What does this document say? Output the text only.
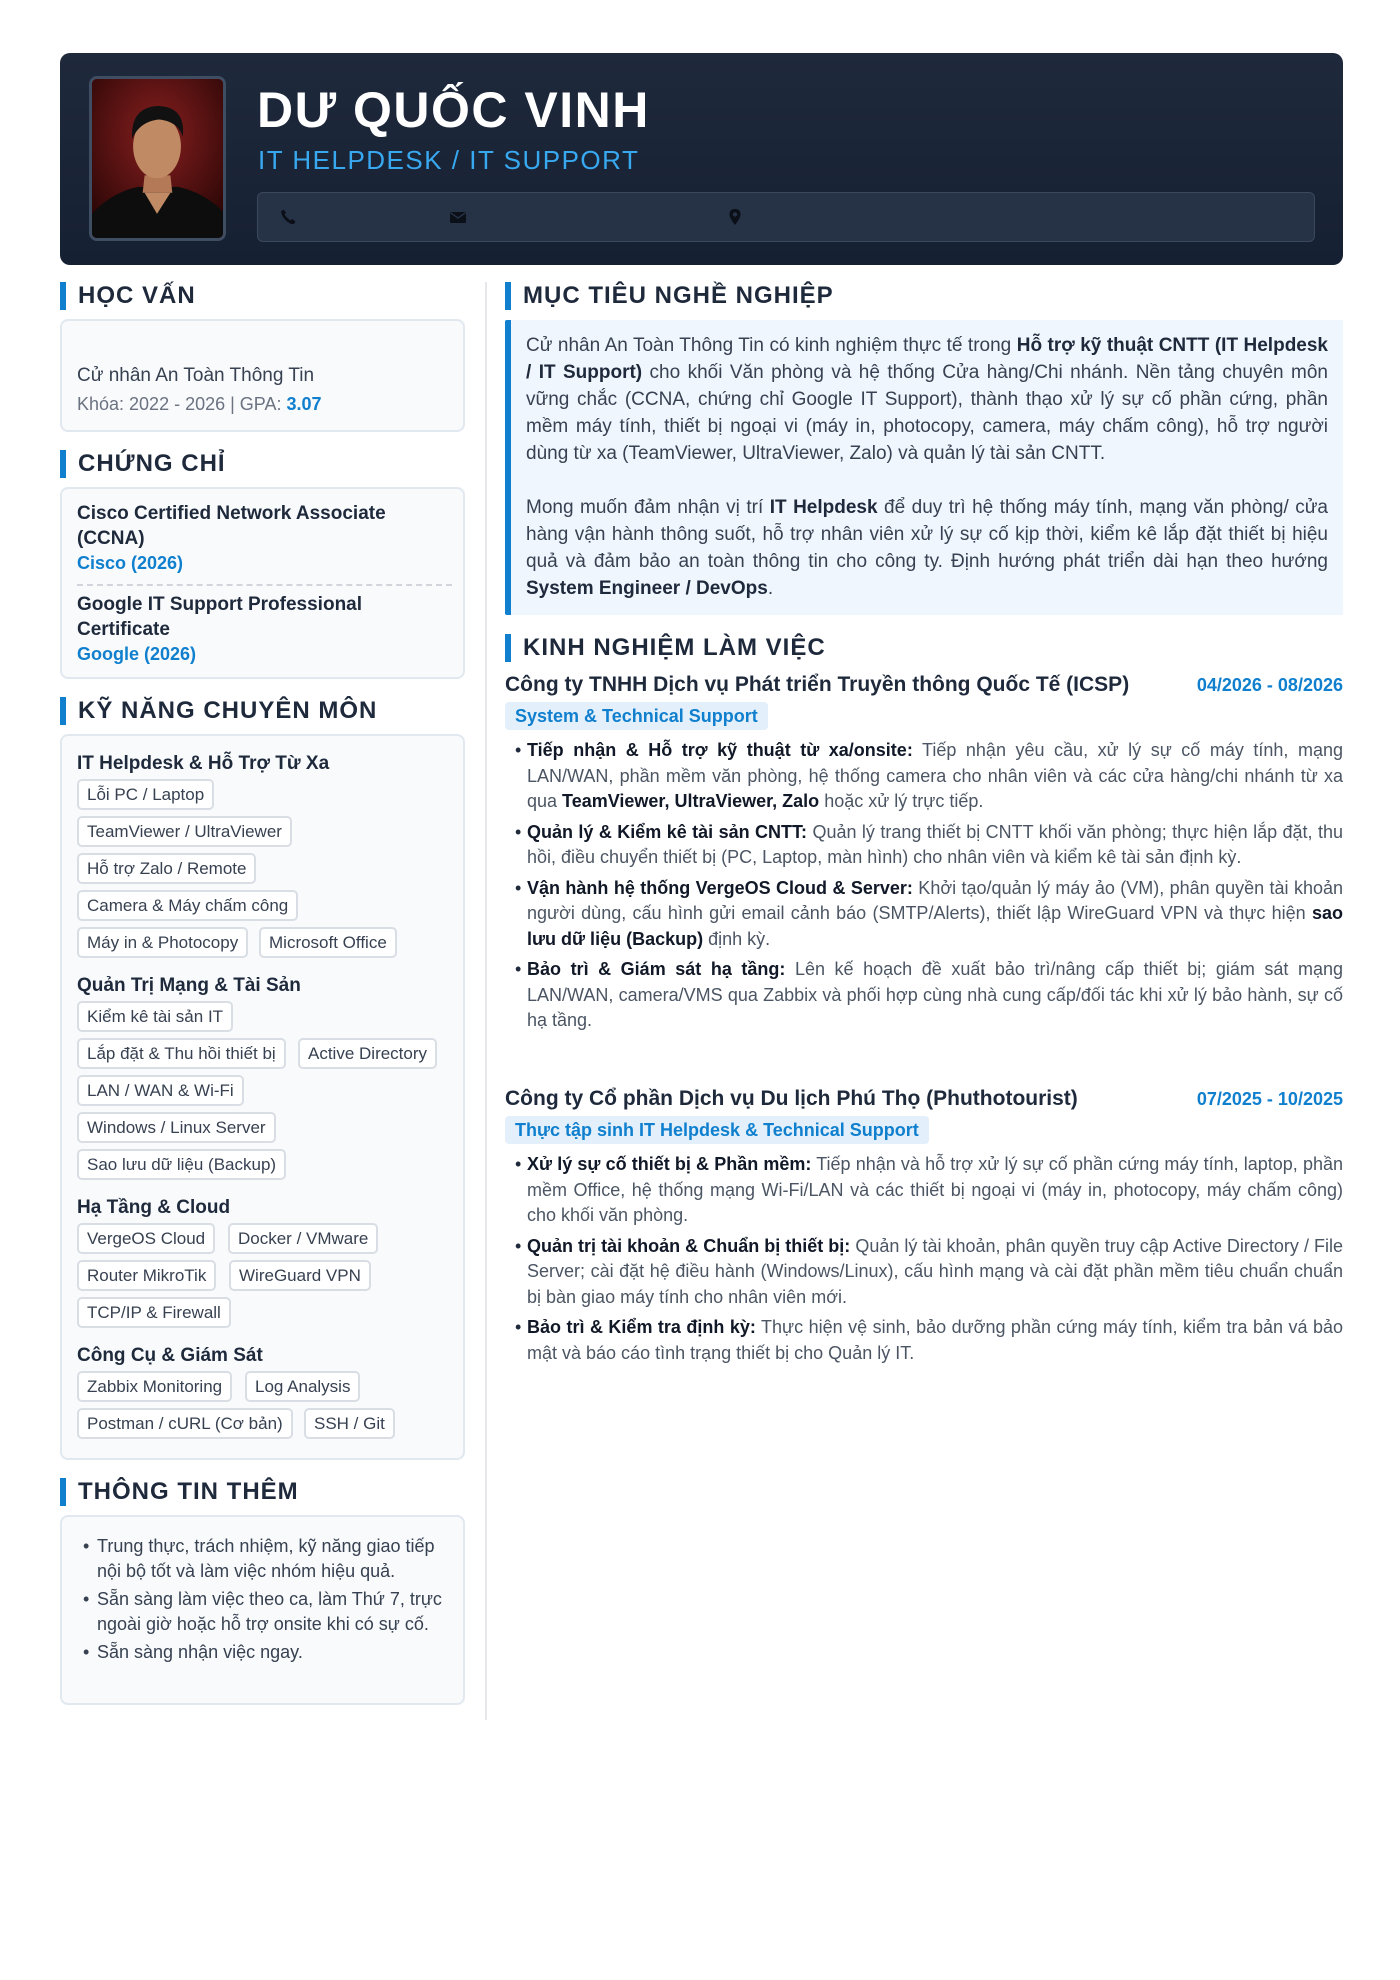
DƯ QUỐC VINH
IT HELPDESK / IT SUPPORT
HỌC VẤN
Cử nhân An Toàn Thông Tin
Khóa: 2022 - 2026 | GPA: 3.07
CHỨNG CHỈ
Cisco Certified Network Associate (CCNA)
Cisco (2026)
Google IT Support Professional Certificate
Google (2026)
KỸ NĂNG CHUYÊN MÔN
IT Helpdesk & Hỗ Trợ Từ Xa
Lỗi PC / Laptop
TeamViewer / UltraViewer
Hỗ trợ Zalo / Remote
Camera & Máy chấm công
Máy in & Photocopy	Microsoft Office
Quản Trị Mạng & Tài Sản
Kiểm kê tài sản IT
Lắp đặt & Thu hồi thiết bị	Active Directory
LAN / WAN & Wi-Fi
Windows / Linux Server
Sao lưu dữ liệu (Backup)
Hạ Tầng & Cloud
VergeOS Cloud	Docker / VMware
Router MikroTik	WireGuard VPN
TCP/IP & Firewall
Công Cụ & Giám Sát
Zabbix Monitoring	Log Analysis
Postman / cURL (Cơ bản)	SSH / Git
THÔNG TIN THÊM
• Trung thực, trách nhiệm, kỹ năng giao tiếp nội bộ tốt và làm việc nhóm hiệu quả.
• Sẵn sàng làm việc theo ca, làm Thứ 7, trực ngoài giờ hoặc hỗ trợ onsite khi có sự cố.
• Sẵn sàng nhận việc ngay.
MỤC TIÊU NGHỀ NGHIỆP

Cử nhân An Toàn Thông Tin có kinh nghiệm thực tế trong Hỗ trợ kỹ thuật CNTT (IT Helpdesk / IT Support) cho khối Văn phòng và hệ thống Cửa hàng/Chi nhánh. Nền tảng chuyên môn vững chắc (CCNA, chứng chỉ Google IT Support), thành thạo xử lý sự cố phần cứng, phần mềm máy tính, thiết bị ngoại vi (máy in, photocopy, camera, máy chấm công), hỗ trợ người dùng từ xa (TeamViewer, UltraViewer, Zalo) và quản lý tài sản CNTT.

Mong muốn đảm nhận vị trí IT Helpdesk để duy trì hệ thống máy tính, mạng văn phòng/ cửa hàng vận hành thông suốt, hỗ trợ nhân viên xử lý sự cố kịp thời, kiểm kê lắp đặt thiết bị hiệu quả và đảm bảo an toàn thông tin cho công ty. Định hướng phát triển dài hạn theo hướng System Engineer / DevOps.

KINH NGHIỆM LÀM VIỆC
Công ty TNHH Dịch vụ Phát triển Truyền thông Quốc Tế (ICSP)	04/2026 - 08/2026
System & Technical Support
• Tiếp nhận & Hỗ trợ kỹ thuật từ xa/onsite: Tiếp nhận yêu cầu, xử lý sự cố máy tính, mạng LAN/WAN, phần mềm văn phòng, hệ thống camera cho nhân viên và các cửa hàng/chi nhánh từ xa qua TeamViewer, UltraViewer, Zalo hoặc xử lý trực tiếp.
• Quản lý & Kiểm kê tài sản CNTT: Quản lý trang thiết bị CNTT khối văn phòng; thực hiện lắp đặt, thu hồi, điều chuyển thiết bị (PC, Laptop, màn hình) cho nhân viên và kiểm kê tài sản định kỳ.
• Vận hành hệ thống VergeOS Cloud & Server: Khởi tạo/quản lý máy ảo (VM), phân quyền tài khoản người dùng, cấu hình gửi email cảnh báo (SMTP/Alerts), thiết lập WireGuard VPN và thực hiện sao lưu dữ liệu (Backup) định kỳ.
• Bảo trì & Giám sát hạ tầng: Lên kế hoạch đề xuất bảo trì/nâng cấp thiết bị; giám sát mạng LAN/WAN, camera/VMS qua Zabbix và phối hợp cùng nhà cung cấp/đối tác khi xử lý bảo hành, sự cố hạ tầng.
Công ty Cổ phần Dịch vụ Du lịch Phú Thọ (Phuthotourist)	07/2025 - 10/2025
Thực tập sinh IT Helpdesk & Technical Support
• Xử lý sự cố thiết bị & Phần mềm: Tiếp nhận và hỗ trợ xử lý sự cố phần cứng máy tính, laptop, phần mềm Office, hệ thống mạng Wi-Fi/LAN và các thiết bị ngoại vi (máy in, photocopy, máy chấm công) cho khối văn phòng.
• Quản trị tài khoản & Chuẩn bị thiết bị: Quản lý tài khoản, phân quyền truy cập Active Directory / File Server; cài đặt hệ điều hành (Windows/Linux), cấu hình mạng và cài đặt phần mềm tiêu chuẩn chuẩn bị bàn giao máy tính cho nhân viên mới.
• Bảo trì & Kiểm tra định kỳ: Thực hiện vệ sinh, bảo dưỡng phần cứng máy tính, kiểm tra bản vá bảo mật và báo cáo tình trạng thiết bị cho Quản lý IT.
